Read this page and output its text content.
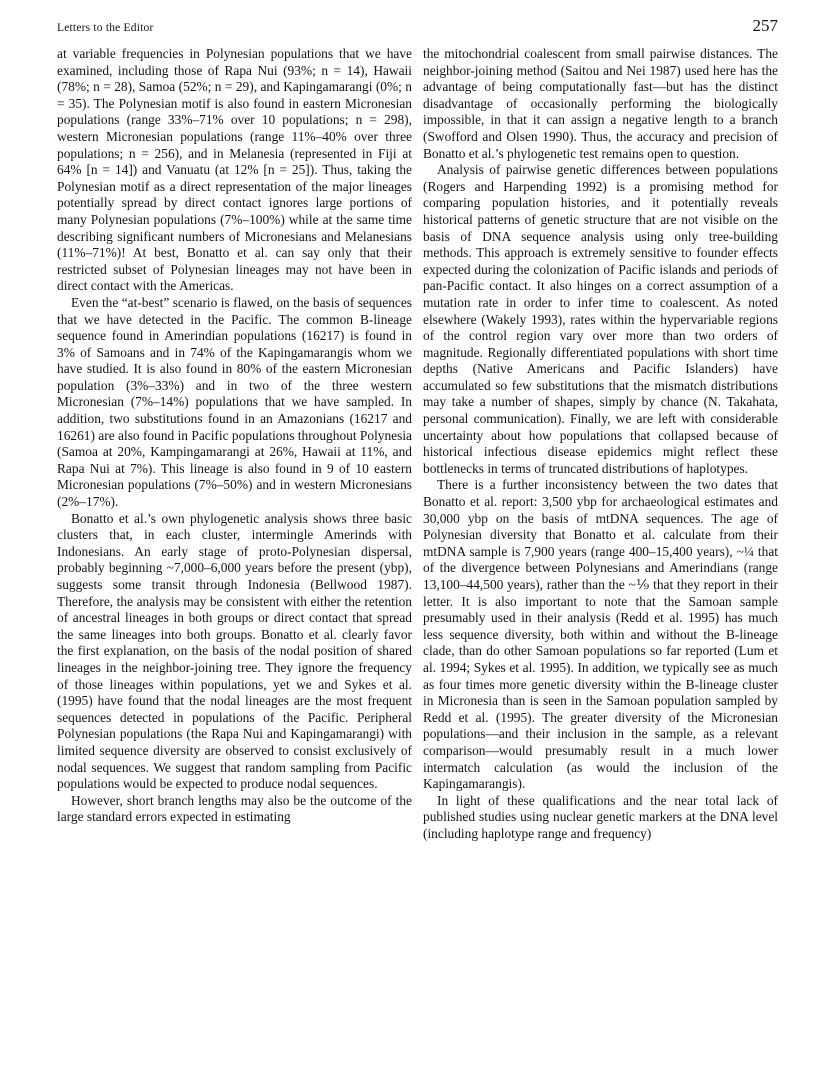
Letters to the Editor	257

at variable frequencies in Polynesian populations that we have examined, including those of Rapa Nui (93%; n = 14), Hawaii (78%; n = 28), Samoa (52%; n = 29), and Kapingamarangi (0%; n = 35). The Polynesian motif is also found in eastern Micronesian populations (range 33%–71% over 10 populations; n = 298), western Micronesian populations (range 11%–40% over three populations; n = 256), and in Melanesia (represented in Fiji at 64% [n = 14]) and Vanuatu (at 12% [n = 25]). Thus, taking the Polynesian motif as a direct representation of the major lineages potentially spread by direct contact ignores large portions of many Polynesian populations (7%–100%) while at the same time describing significant numbers of Micronesians and Melanesians (11%–71%)! At best, Bonatto et al. can say only that their restricted subset of Polynesian lineages may not have been in direct contact with the Americas.

Even the “at-best” scenario is flawed, on the basis of sequences that we have detected in the Pacific. The common B-lineage sequence found in Amerindian populations (16217) is found in 3% of Samoans and in 74% of the Kapingamarangis whom we have studied. It is also found in 80% of the eastern Micronesian population (3%–33%) and in two of the three western Micronesian (7%–14%) populations that we have sampled. In addition, two substitutions found in an Amazonians (16217 and 16261) are also found in Pacific populations throughout Polynesia (Samoa at 20%, Kampingamarangi at 26%, Hawaii at 11%, and Rapa Nui at 7%). This lineage is also found in 9 of 10 eastern Micronesian populations (7%–50%) and in western Micronesians (2%–17%).

Bonatto et al.’s own phylogenetic analysis shows three basic clusters that, in each cluster, intermingle Amerinds with Indonesians. An early stage of proto-Polynesian dispersal, probably beginning ~7,000–6,000 years before the present (ybp), suggests some transit through Indonesia (Bellwood 1987). Therefore, the analysis may be consistent with either the retention of ancestral lineages in both groups or direct contact that spread the same lineages into both groups. Bonatto et al. clearly favor the first explanation, on the basis of the nodal position of shared lineages in the neighbor-joining tree. They ignore the frequency of those lineages within populations, yet we and Sykes et al. (1995) have found that the nodal lineages are the most frequent sequences detected in populations of the Pacific. Peripheral Polynesian populations (the Rapa Nui and Kapingamarangi) with limited sequence diversity are observed to consist exclusively of nodal sequences. We suggest that random sampling from Pacific populations would be expected to produce nodal sequences.

However, short branch lengths may also be the outcome of the large standard errors expected in estimating

the mitochondrial coalescent from small pairwise distances. The neighbor-joining method (Saitou and Nei 1987) used here has the advantage of being computationally fast—but has the distinct disadvantage of occasionally performing the biologically impossible, in that it can assign a negative length to a branch (Swofford and Olsen 1990). Thus, the accuracy and precision of Bonatto et al.’s phylogenetic test remains open to question.

Analysis of pairwise genetic differences between populations (Rogers and Harpending 1992) is a promising method for comparing population histories, and it potentially reveals historical patterns of genetic structure that are not visible on the basis of DNA sequence analysis using only tree-building methods. This approach is extremely sensitive to founder effects expected during the colonization of Pacific islands and periods of pan-Pacific contact. It also hinges on a correct assumption of a mutation rate in order to infer time to coalescent. As noted elsewhere (Wakely 1993), rates within the hypervariable regions of the control region vary over more than two orders of magnitude. Regionally differentiated populations with short time depths (Native Americans and Pacific Islanders) have accumulated so few substitutions that the mismatch distributions may take a number of shapes, simply by chance (N. Takahata, personal communication). Finally, we are left with considerable uncertainty about how populations that collapsed because of historical infectious disease epidemics might reflect these bottlenecks in terms of truncated distributions of haplotypes.

There is a further inconsistency between the two dates that Bonatto et al. report: 3,500 ybp for archaeological estimates and 30,000 ybp on the basis of mtDNA sequences. The age of Polynesian diversity that Bonatto et al. calculate from their mtDNA sample is 7,900 years (range 400–15,400 years), ~¼ that of the divergence between Polynesians and Amerindians (range 13,100–44,500 years), rather than the ~⅑ that they report in their letter. It is also important to note that the Samoan sample presumably used in their analysis (Redd et al. 1995) has much less sequence diversity, both within and without the B-lineage clade, than do other Samoan populations so far reported (Lum et al. 1994; Sykes et al. 1995). In addition, we typically see as much as four times more genetic diversity within the B-lineage cluster in Micronesia than is seen in the Samoan population sampled by Redd et al. (1995). The greater diversity of the Micronesian populations—and their inclusion in the sample, as a relevant comparison—would presumably result in a much lower intermatch calculation (as would the inclusion of the Kapingamarangis).

In light of these qualifications and the near total lack of published studies using nuclear genetic markers at the DNA level (including haplotype range and frequency)
